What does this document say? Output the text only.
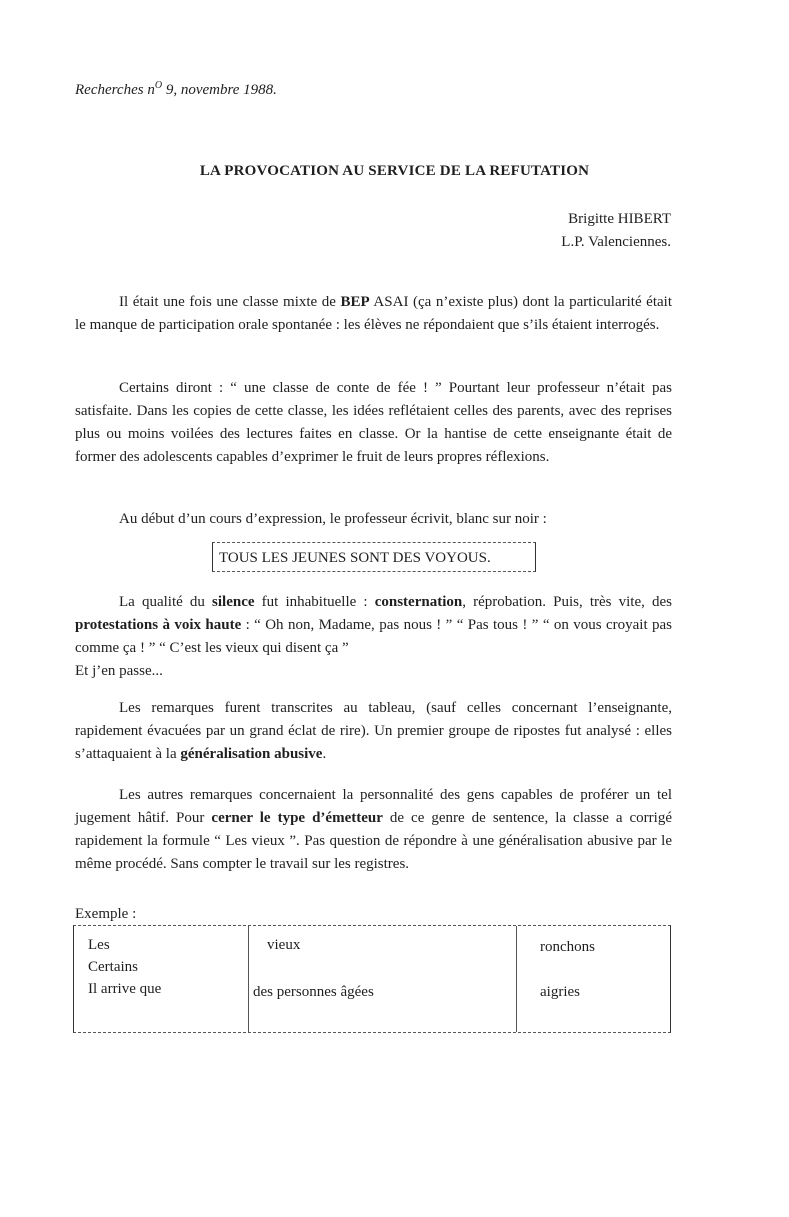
Recherches $n^O$ 9, novembre 1988.
LA PROVOCATION AU SERVICE DE LA REFUTATION
Brigitte HIBERT
L.P. Valenciennes.

Il était une fois une classe mixte de BEP ASAI (ça n’existe plus) dont la particularité était le manque de participation orale spontanée : les élèves ne répondaient que s’ils étaient interrogés.

Certains diront : “ une classe de conte de fée ! ” Pourtant leur professeur n’était pas satisfaite. Dans les copies de cette classe, les idées reflétaient celles des parents, avec des reprises plus ou moins voilées des lectures faites en classe. Or la hantise de cette enseignante était de former des adolescents capables d’exprimer le fruit de leurs propres réflexions.

Au début d’un cours d’expression, le professeur écrivit, blanc sur noir :

TOUS LES JEUNES SONT DES VOYOUS.

La qualité du silence fut inhabituelle : consternation, réprobation. Puis, très vite, des protestations à voix haute : “ Oh non, Madame, pas nous ! ” “ Pas tous ! ” “ on vous croyait pas comme ça ! ” “ C’est les vieux qui disent ça ”

Et j’en passe...

Les remarques furent transcrites au tableau, (sauf celles concernant l’enseignante, rapidement évacuées par un grand éclat de rire). Un premier groupe de ripostes fut analysé : elles s’attaquaient à la généralisation abusive.

Les autres remarques concernaient la personnalité des gens capables de proférer un tel jugement hâtif. Pour cerner le type d’émetteur de ce genre de sentence, la classe a corrigé rapidement la formule “ Les vieux ”. Pas question de répondre à une généralisation abusive par le même procédé. Sans compter le travail sur les registres.

Exemple :
Les
Certains
Il arrive que
vieux
des personnes âgées
ronchons
aigries
